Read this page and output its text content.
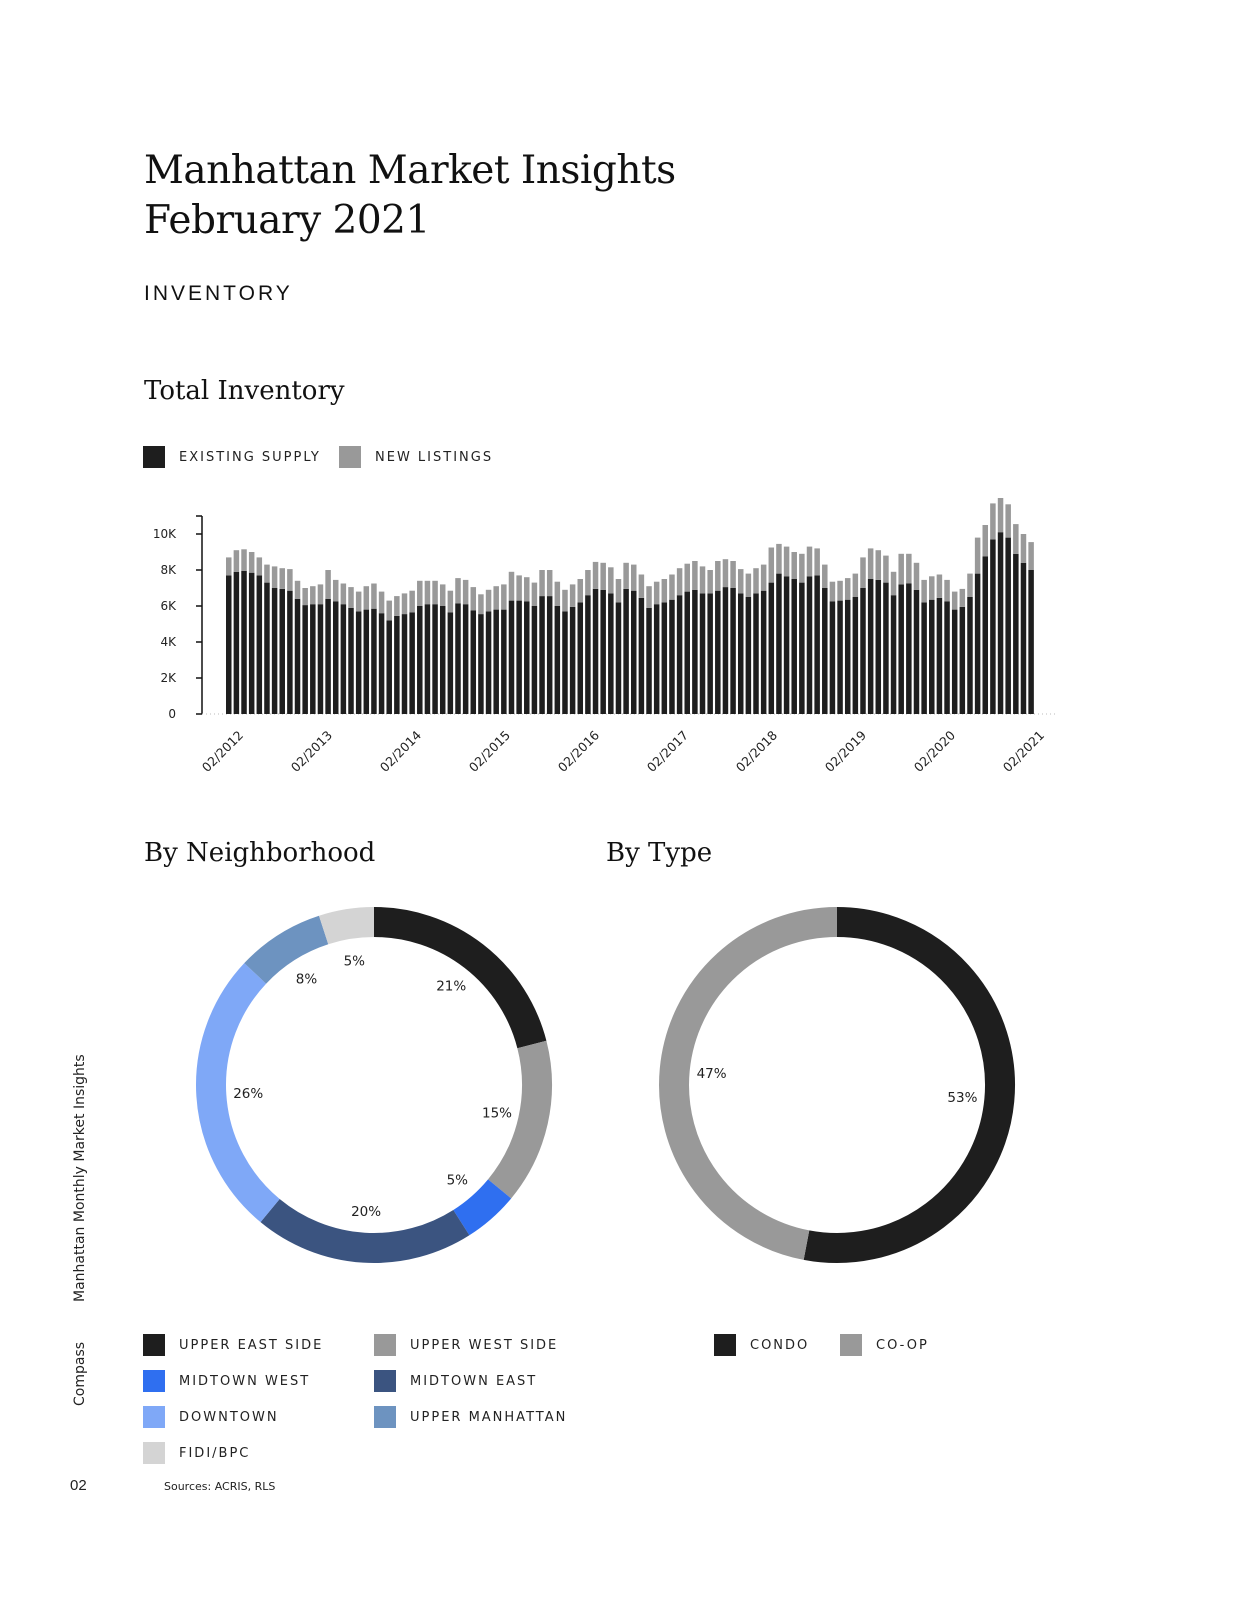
Manhattan Market Insights
February 2021
INVENTORY
Total Inventory
EXISTING SUPPLY	NEW LISTINGS
0
2K
4K
6K
8K
10K
02/2012	02/2013	02/2014	02/2015	02/2016	02/2017	02/2018	02/2019	02/2020	02/2021
By Neighborhood
21%
15%
5%
20%
26%
8%
5%
By Type
53%
47%
UPPER EAST SIDE	UPPER WEST SIDE
MIDTOWN WEST	MIDTOWN EAST
DOWNTOWN	UPPER MANHATTAN
FIDI/BPC
CONDO	CO-OP
Compass
Manhattan Monthly Market Insights
02	Sources: ACRIS, RLS
